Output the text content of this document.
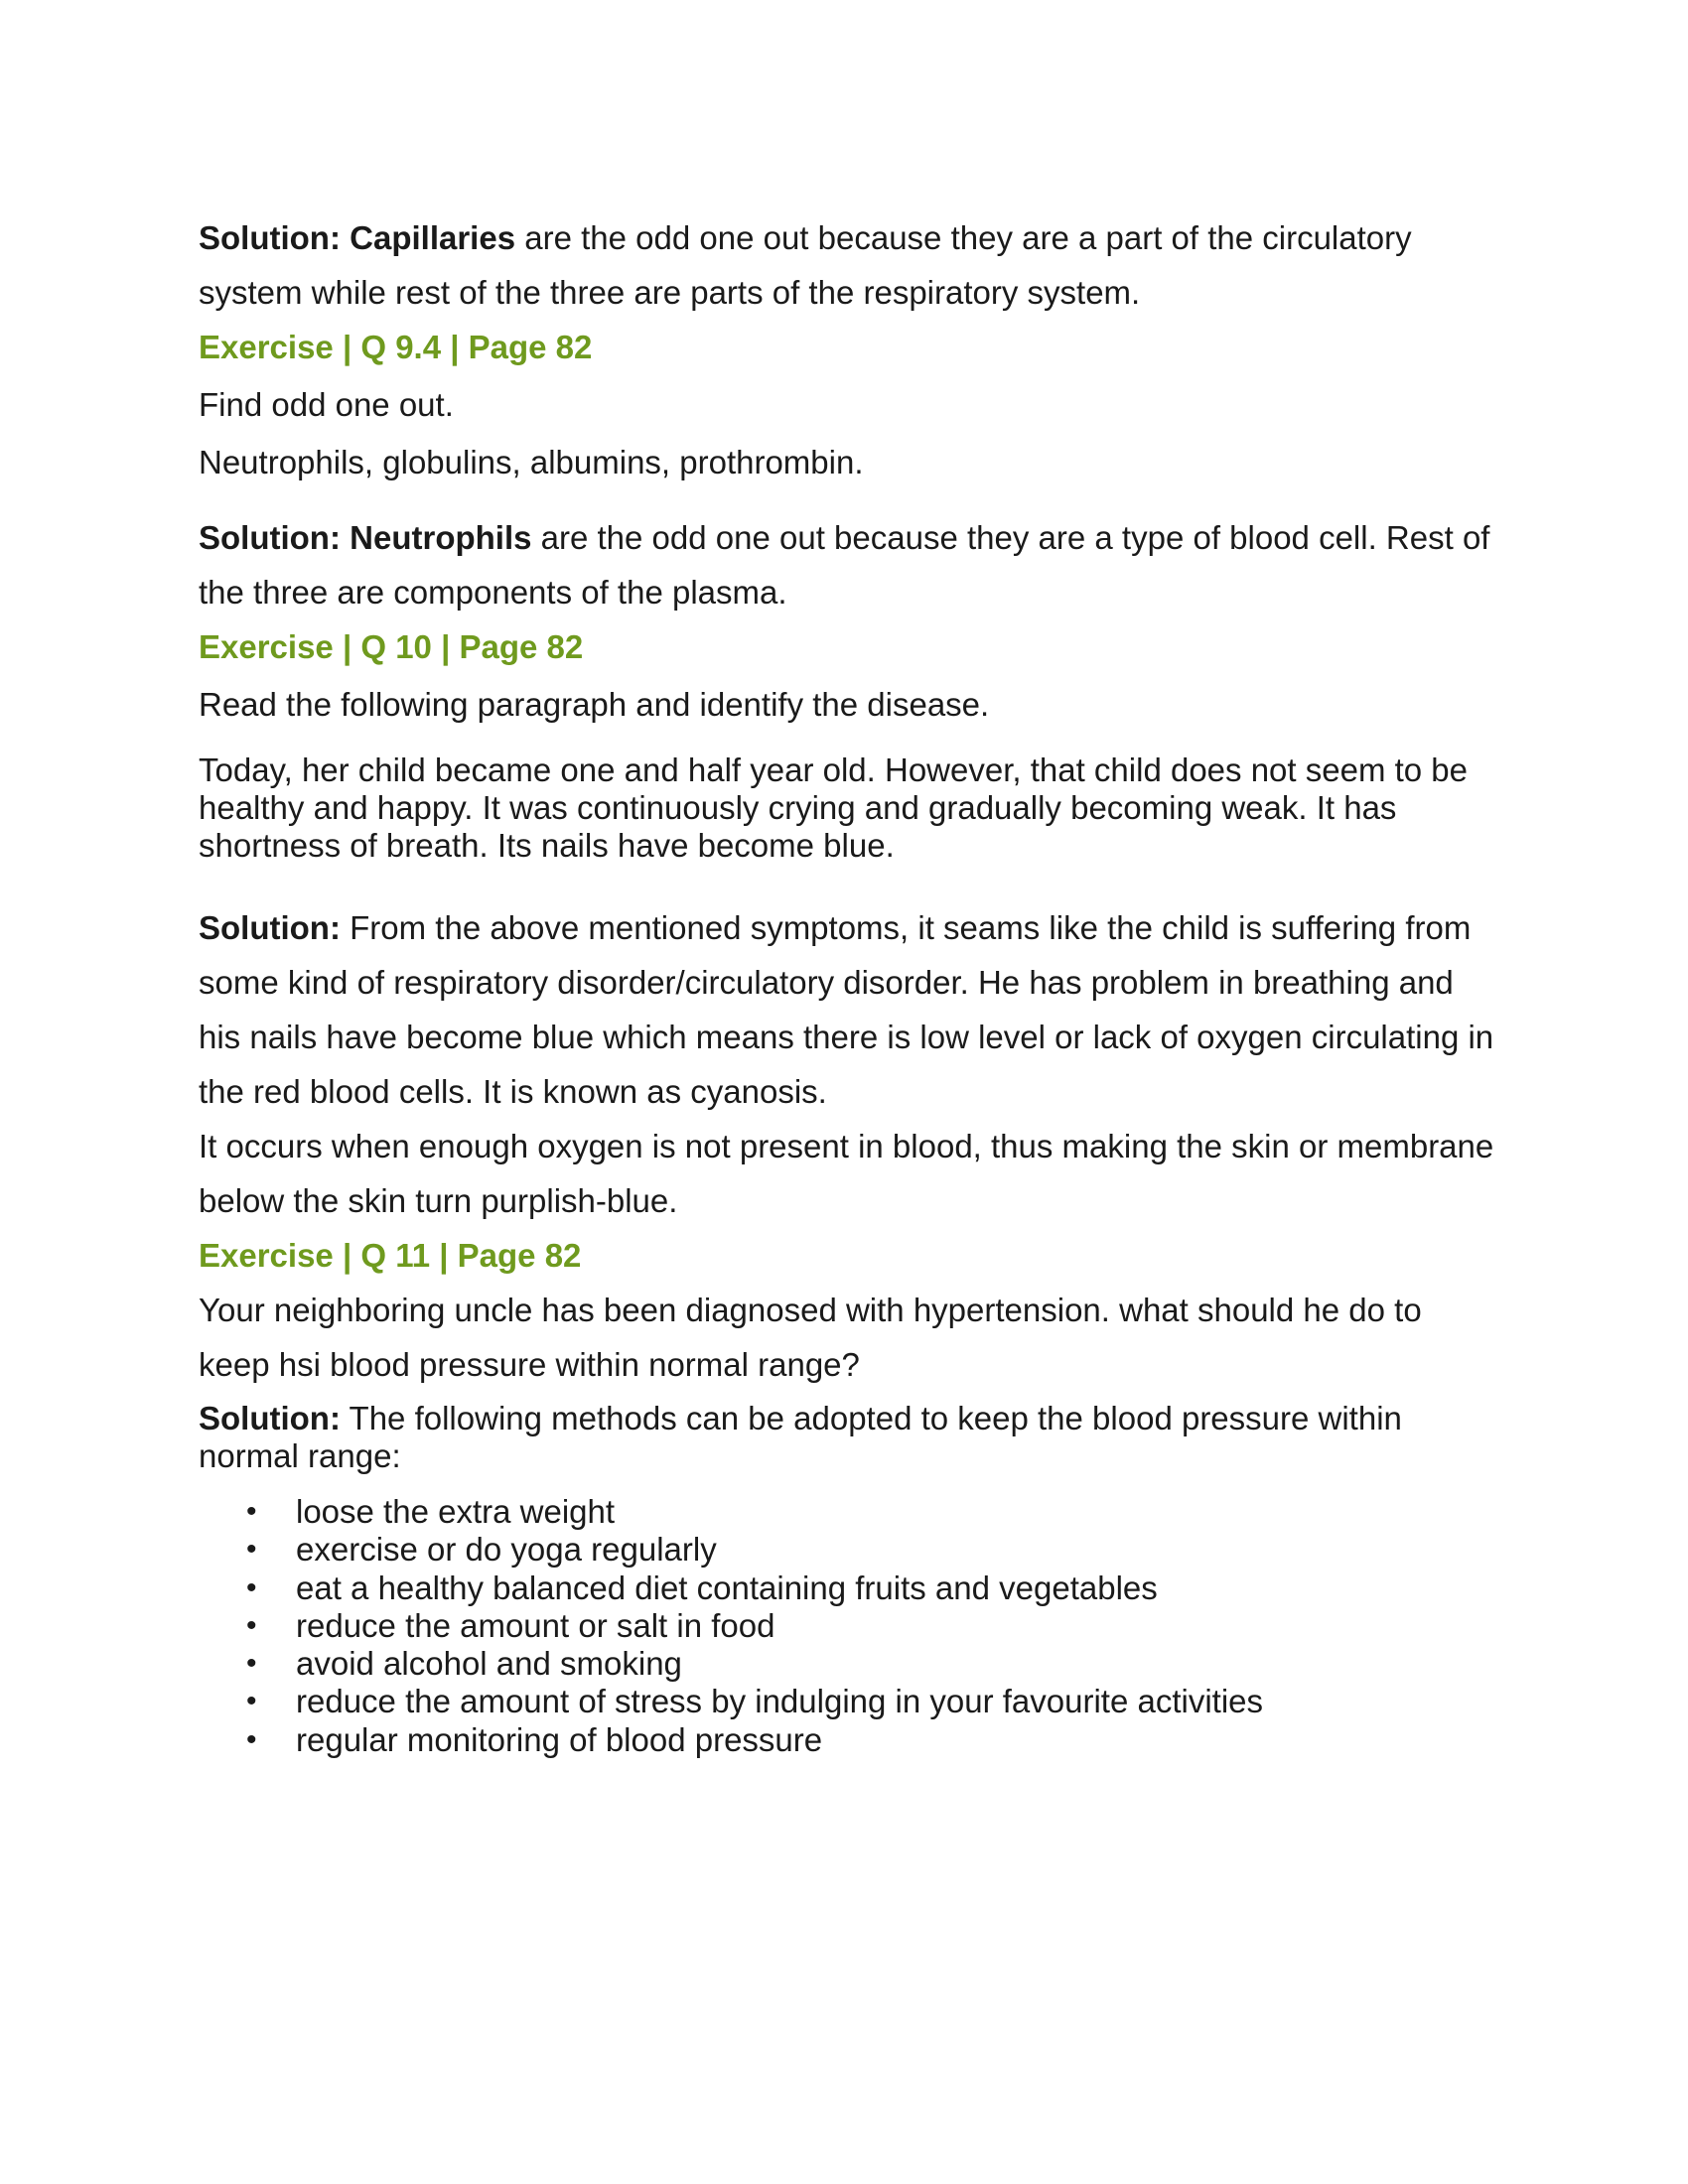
Solution: Capillaries are the odd one out because they are a part of the circulatory system while rest of the three are parts of the respiratory system.

Exercise | Q 9.4 | Page 82

Find odd one out.

Neutrophils, globulins, albumins, prothrombin.

Solution: Neutrophils are the odd one out because they are a type of blood cell. Rest of the three are components of the plasma.

Exercise | Q 10 | Page 82

Read the following paragraph and identify the disease.

Today, her child became one and half year old. However, that child does not seem to be healthy and happy. It was continuously crying and gradually becoming weak. It has shortness of breath. Its nails have become blue.

Solution: From the above mentioned symptoms, it seams like the child is suffering from some kind of respiratory disorder/circulatory disorder. He has problem in breathing and his nails have become blue which means there is low level or lack of oxygen circulating in the red blood cells. It is known as cyanosis.

It occurs when enough oxygen is not present in blood, thus making the skin or membrane below the skin turn purplish-blue.

Exercise | Q 11 | Page 82

Your neighboring uncle has been diagnosed with hypertension. what should he do to keep hsi blood pressure within normal range?

Solution: The following methods can be adopted to keep the blood pressure within normal range:

• loose the extra weight
• exercise or do yoga regularly
• eat a healthy balanced diet containing fruits and vegetables
• reduce the amount or salt in food
• avoid alcohol and smoking
• reduce the amount of stress by indulging in your favourite activities
• regular monitoring of blood pressure
